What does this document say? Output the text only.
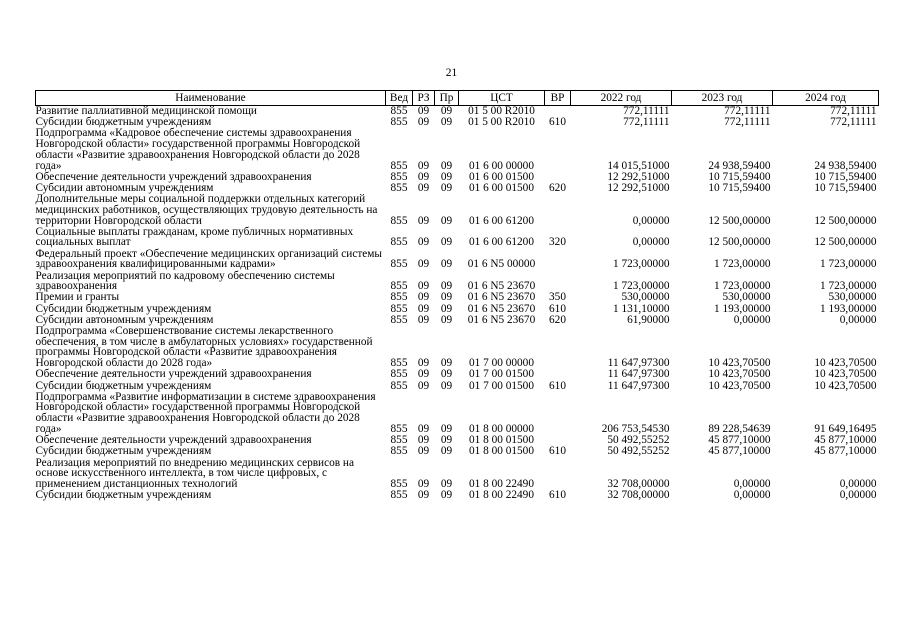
21
Наименование	Вед	РЗ	Пр	ЦСТ	ВР	2022 год	2023 год	2024 год
Развитие паллиативной медицинской помощи	855	09	09	01 5 00 R2010		772,11111	772,11111	772,11111
Субсидии бюджетным учреждениям	855	09	09	01 5 00 R2010	610	772,11111	772,11111	772,11111
Подпрограмма «Кадровое обеспечение системы здравоохранения Новгородской области» государственной программы Новгородской области «Развитие здравоохранения Новгородской области до 2028 года»	855	09	09	01 6 00 00000		14 015,51000	24 938,59400	24 938,59400
Обеспечение деятельности учреждений здравоохранения	855	09	09	01 6 00 01500		12 292,51000	10 715,59400	10 715,59400
Субсидии автономным учреждениям	855	09	09	01 6 00 01500	620	12 292,51000	10 715,59400	10 715,59400
Дополнительные меры социальной поддержки отдельных категорий медицинских работников, осуществляющих трудовую деятельность на территории Новгородской области	855	09	09	01 6 00 61200		0,00000	12 500,00000	12 500,00000
Социальные выплаты гражданам, кроме публичных нормативных социальных выплат	855	09	09	01 6 00 61200	320	0,00000	12 500,00000	12 500,00000
Федеральный проект «Обеспечение медицинских организаций системы здравоохранения квалифицированными кадрами»	855	09	09	01 6 N5 00000		1 723,00000	1 723,00000	1 723,00000
Реализация мероприятий по кадровому обеспечению системы здравоохранения	855	09	09	01 6 N5 23670		1 723,00000	1 723,00000	1 723,00000
Премии и гранты	855	09	09	01 6 N5 23670	350	530,00000	530,00000	530,00000
Субсидии бюджетным учреждениям	855	09	09	01 6 N5 23670	610	1 131,10000	1 193,00000	1 193,00000
Субсидии автономным учреждениям	855	09	09	01 6 N5 23670	620	61,90000	0,00000	0,00000
Подпрограмма «Совершенствование системы лекарственного обеспечения, в том числе в амбулаторных условиях» государственной программы Новгородской области «Развитие здравоохранения Новгородской области до 2028 года»	855	09	09	01 7 00 00000		11 647,97300	10 423,70500	10 423,70500
Обеспечение деятельности учреждений здравоохранения	855	09	09	01 7 00 01500		11 647,97300	10 423,70500	10 423,70500
Субсидии бюджетным учреждениям	855	09	09	01 7 00 01500	610	11 647,97300	10 423,70500	10 423,70500
Подпрограмма «Развитие информатизации в системе здравоохранения Новгородской области» государственной программы Новгородской области «Развитие здравоохранения Новгородской области до 2028 года»	855	09	09	01 8 00 00000		206 753,54530	89 228,54639	91 649,16495
Обеспечение деятельности учреждений здравоохранения	855	09	09	01 8 00 01500		50 492,55252	45 877,10000	45 877,10000
Субсидии бюджетным учреждениям	855	09	09	01 8 00 01500	610	50 492,55252	45 877,10000	45 877,10000
Реализация мероприятий по внедрению медицинских сервисов на основе искусственного интеллекта, в том числе цифровых, с применением дистанционных технологий	855	09	09	01 8 00 22490		32 708,00000	0,00000	0,00000
Субсидии бюджетным учреждениям	855	09	09	01 8 00 22490	610	32 708,00000	0,00000	0,00000
